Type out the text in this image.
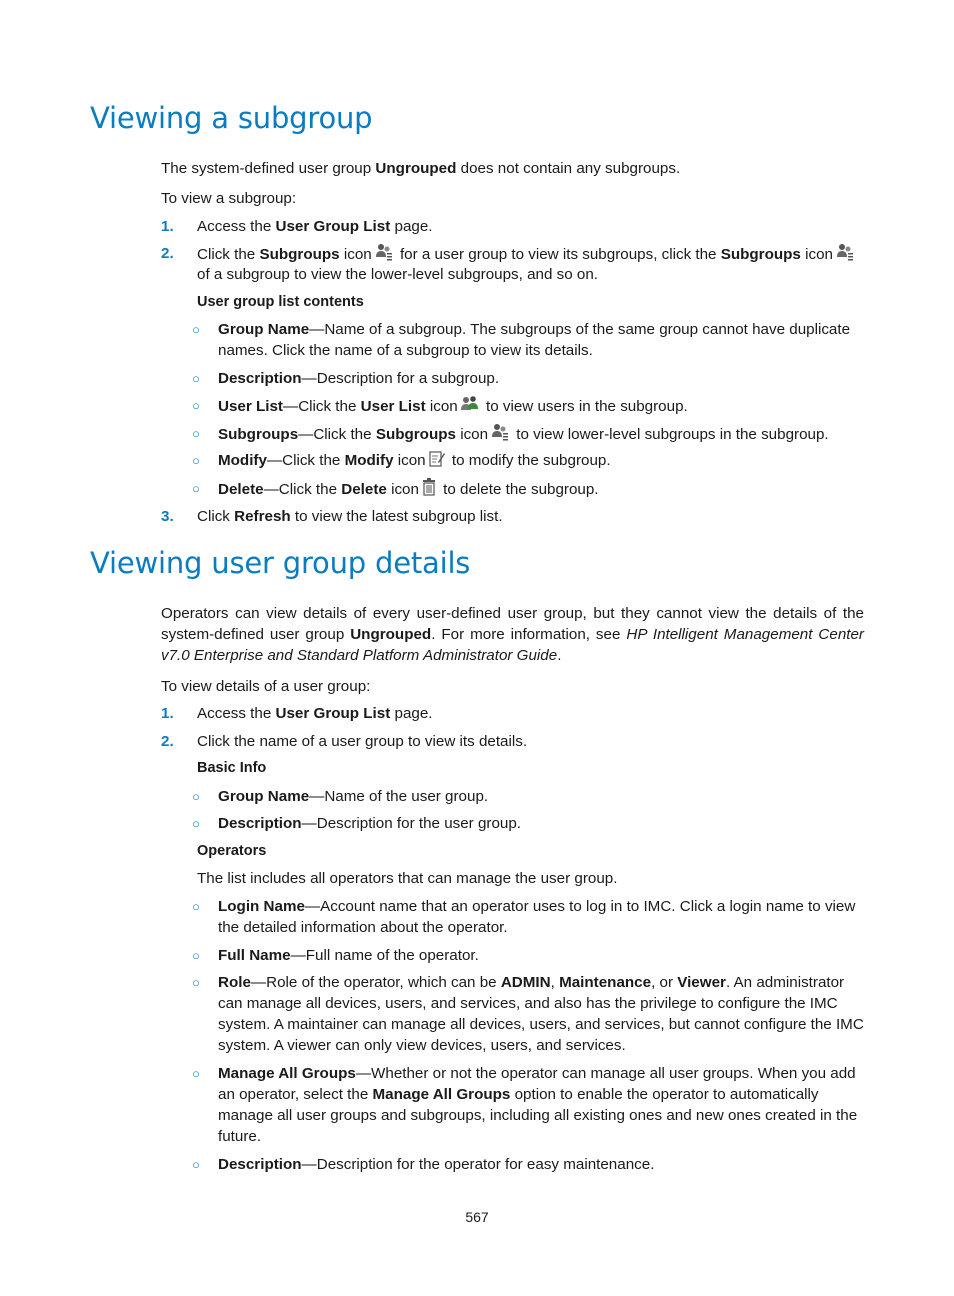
Viewing a subgroup

The system-defined user group Ungrouped does not contain any subgroups.

To view a subgroup:

1. Access the User Group List page.

2. Click the Subgroups icon for a user group to view its subgroups, click the Subgroups icon

of a subgroup to view the lower-level subgroups, and so on.

User group list contents

○ Group Name—Name of a subgroup. The subgroups of the same group cannot have duplicate names. Click the name of a subgroup to view its details.

○ Description—Description for a subgroup.

○ User List—Click the User List icon to view users in the subgroup.

○ Subgroups—Click the Subgroups icon to view lower-level subgroups in the subgroup.

○ Modify—Click the Modify icon to modify the subgroup.

○ Delete—Click the Delete icon to delete the subgroup.

3. Click Refresh to view the latest subgroup list.

Viewing user group details

Operators can view details of every user-defined user group, but they cannot view the details of the system-defined user group Ungrouped. For more information, see HP Intelligent Management Center v7.0 Enterprise and Standard Platform Administrator Guide.

To view details of a user group:

1. Access the User Group List page.

2. Click the name of a user group to view its details.

Basic Info

○ Group Name—Name of the user group.

○ Description—Description for the user group.

Operators

The list includes all operators that can manage the user group.

○ Login Name—Account name that an operator uses to log in to IMC. Click a login name to view the detailed information about the operator.

○ Full Name—Full name of the operator.

○ Role—Role of the operator, which can be ADMIN, Maintenance, or Viewer. An administrator can manage all devices, users, and services, and also has the privilege to configure the IMC system. A maintainer can manage all devices, users, and services, but cannot configure the IMC system. A viewer can only view devices, users, and services.

○ Manage All Groups—Whether or not the operator can manage all user groups. When you add an operator, select the Manage All Groups option to enable the operator to automatically manage all user groups and subgroups, including all existing ones and new ones created in the future.

○ Description—Description for the operator for easy maintenance.

567
